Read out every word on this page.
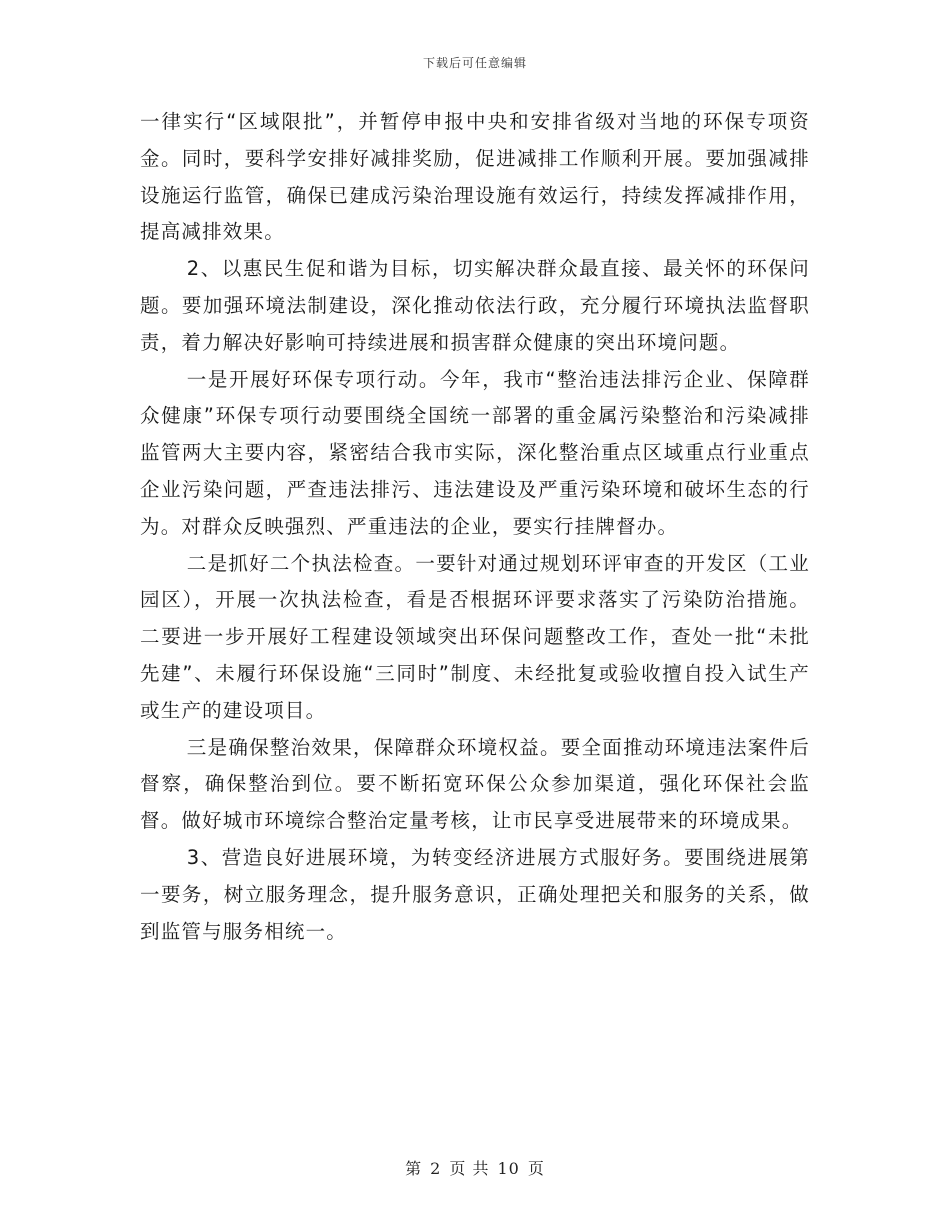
下载后可任意编辑

一律实行“区域限批”，并暂停申报中央和安排省级对当地的环保专项资金。同时，要科学安排好减排奖励，促进减排工作顺利开展。要加强减排设施运行监管，确保已建成污染治理设施有效运行，持续发挥减排作用，提高减排效果。

2、以惠民生促和谐为目标，切实解决群众最直接、最关怀的环保问题。要加强环境法制建设，深化推动依法行政，充分履行环境执法监督职责，着力解决好影响可持续进展和损害群众健康的突出环境问题。

一是开展好环保专项行动。今年，我市“整治违法排污企业、保障群众健康”环保专项行动要围绕全国统一部署的重金属污染整治和污染减排监管两大主要内容，紧密结合我市实际，深化整治重点区域重点行业重点企业污染问题，严查违法排污、违法建设及严重污染环境和破坏生态的行为。对群众反映强烈、严重违法的企业，要实行挂牌督办。

二是抓好二个执法检查。一要针对通过规划环评审查的开发区（工业园区），开展一次执法检查，看是否根据环评要求落实了污染防治措施。二要进一步开展好工程建设领域突出环保问题整改工作，查处一批“未批先建”、未履行环保设施“三同时”制度、未经批复或验收擅自投入试生产或生产的建设项目。

三是确保整治效果，保障群众环境权益。要全面推动环境违法案件后督察，确保整治到位。要不断拓宽环保公众参加渠道，强化环保社会监督。做好城市环境综合整治定量考核，让市民享受进展带来的环境成果。

3、营造良好进展环境，为转变经济进展方式服好务。要围绕进展第一要务，树立服务理念，提升服务意识，正确处理把关和服务的关系，做到监管与服务相统一。

第 2 页 共 10 页
